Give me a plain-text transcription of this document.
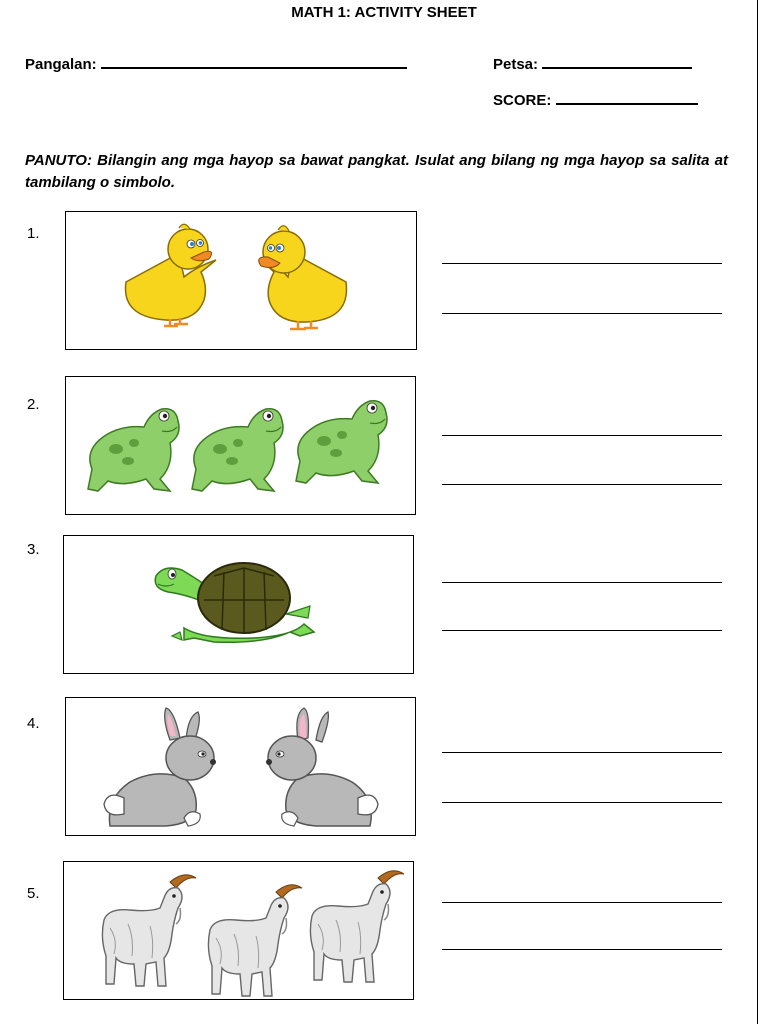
MATH 1: ACTIVITY SHEET
Pangalan:	Petsa:
SCORE:
PANUTO: Bilangin ang mga hayop sa bawat pangkat. Isulat ang bilang ng mga hayop sa salita at tambilang o simbolo.
1.
2.
3.
4.
5.
